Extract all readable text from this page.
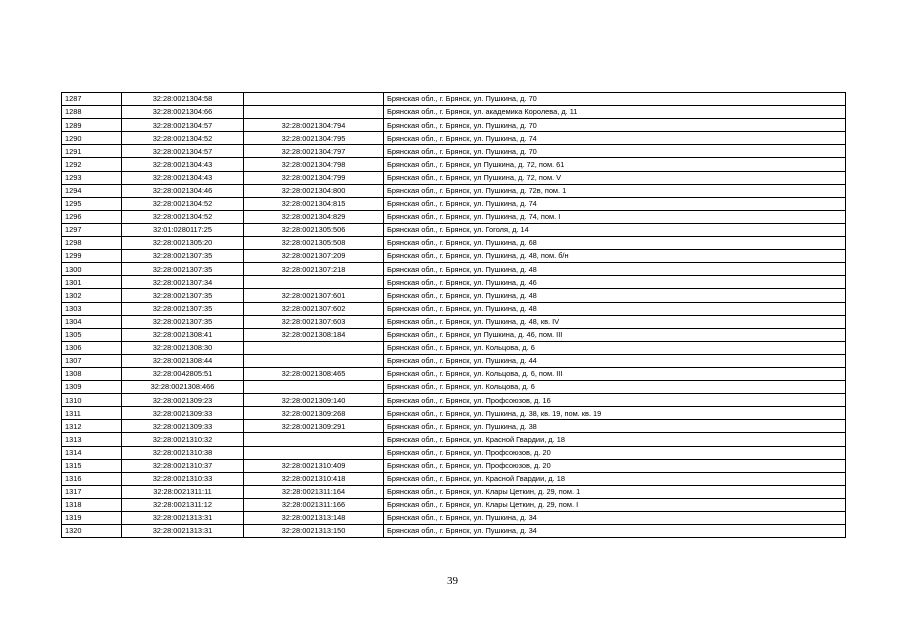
1287	32:28:0021304:58		Брянская обл., г. Брянск, ул. Пушкина, д. 70
1288	32:28:0021304:66		Брянская обл., г. Брянск, ул. академика Королева, д. 11
1289	32:28:0021304:57	32:28:0021304:794	Брянская обл., г. Брянск, ул. Пушкина, д. 70
1290	32:28:0021304:52	32:28:0021304:795	Брянская обл., г. Брянск, ул. Пушкина, д. 74
1291	32:28:0021304:57	32:28:0021304:797	Брянская обл., г. Брянск, ул. Пушкина, д. 70
1292	32:28:0021304:43	32:28:0021304:798	Брянская обл., г. Брянск, ул Пушкина, д. 72, пом. 61
1293	32:28:0021304:43	32:28:0021304:799	Брянская обл., г. Брянск, ул Пушкина, д. 72, пом. V
1294	32:28:0021304:46	32:28:0021304:800	Брянская обл., г. Брянск, ул. Пушкина, д. 72в, пом. 1
1295	32:28:0021304:52	32:28:0021304:815	Брянская обл., г. Брянск, ул. Пушкина, д. 74
1296	32:28:0021304:52	32:28:0021304:829	Брянская обл., г. Брянск, ул. Пушкина, д. 74, пом. I
1297	32:01:0280117:25	32:28:0021305:506	Брянская обл., г. Брянск, ул. Гоголя, д. 14
1298	32:28:0021305:20	32:28:0021305:508	Брянская обл., г. Брянск, ул. Пушкина, д. 68
1299	32:28:0021307:35	32:28:0021307:209	Брянская обл., г. Брянск, ул. Пушкина, д. 48, пом. б/н
1300	32:28:0021307:35	32:28:0021307:218	Брянская обл., г. Брянск, ул. Пушкина, д. 48
1301	32:28:0021307:34		Брянская обл., г. Брянск, ул. Пушкина, д. 46
1302	32:28:0021307:35	32:28:0021307:601	Брянская обл., г. Брянск, ул. Пушкина, д. 48
1303	32:28:0021307:35	32:28:0021307:602	Брянская обл., г. Брянск, ул. Пушкина, д. 48
1304	32:28:0021307:35	32:28:0021307:603	Брянская обл., г. Брянск, ул. Пушкина, д. 48, кв. IV
1305	32:28:0021308:41	32:28:0021308:184	Брянская обл., г. Брянск, ул Пушкина, д. 46, пом. III
1306	32:28:0021308:30		Брянская обл., г. Брянск, ул. Кольцова, д. 6
1307	32:28:0021308:44		Брянская обл., г. Брянск, ул. Пушкина, д. 44
1308	32:28:0042805:51	32:28:0021308:465	Брянская обл., г. Брянск, ул. Кольцова, д. 6, пом. III
1309	32:28:0021308:466		Брянская обл., г. Брянск, ул. Кольцова, д. 6
1310	32:28:0021309:23	32:28:0021309:140	Брянская обл., г. Брянск, ул. Профсоюзов, д. 16
1311	32:28:0021309:33	32:28:0021309:268	Брянская обл., г. Брянск, ул. Пушкина, д. 38, кв. 19, пом. кв. 19
1312	32:28:0021309:33	32:28:0021309:291	Брянская обл., г. Брянск, ул. Пушкина, д. 38
1313	32:28:0021310:32		Брянская обл., г. Брянск, ул. Красной Гвардии, д. 18
1314	32:28:0021310:38		Брянская обл., г. Брянск, ул. Профсоюзов, д. 20
1315	32:28:0021310:37	32:28:0021310:409	Брянская обл., г. Брянск, ул. Профсоюзов, д. 20
1316	32:28:0021310:33	32:28:0021310:418	Брянская обл., г. Брянск, ул. Красной Гвардии, д. 18
1317	32:28:0021311:11	32:28:0021311:164	Брянская обл., г. Брянск, ул. Клары Цеткин, д. 29, пом. 1
1318	32:28:0021311:12	32:28:0021311:166	Брянская обл., г. Брянск, ул. Клары Цеткин, д. 29, пом. I
1319	32:28:0021313:31	32:28:0021313:148	Брянская обл., г. Брянск, ул. Пушкина, д. 34
1320	32:28:0021313:31	32:28:0021313:150	Брянская обл., г. Брянск, ул. Пушкина, д. 34
39
